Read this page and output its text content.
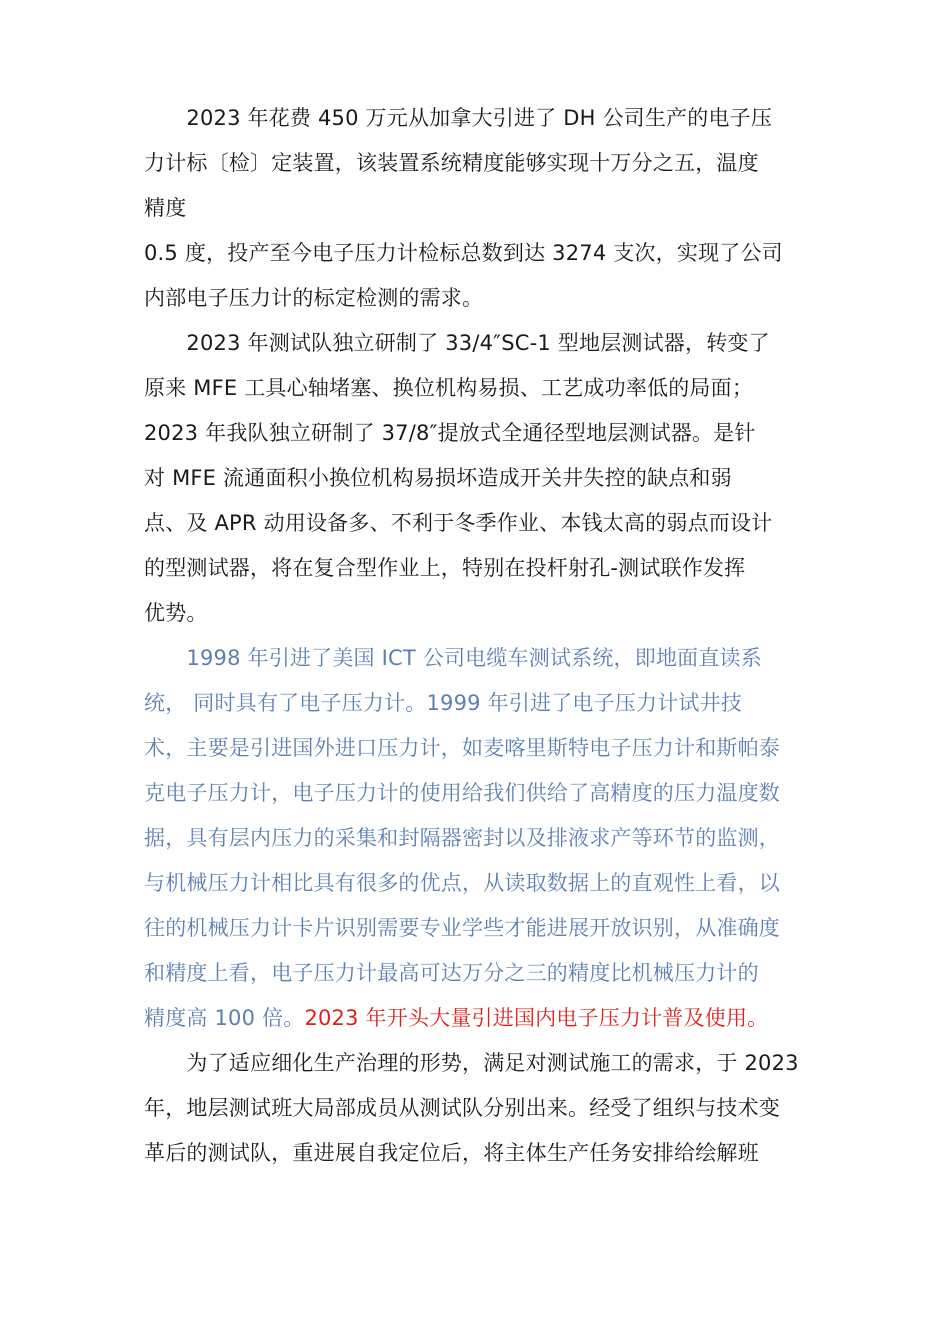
　　2023 年花费 450 万元从加拿大引进了 DH 公司生产的电子压
力计标〔检〕定装置，该装置系统精度能够实现十万分之五，温度
精度
0.5 度，投产至今电子压力计检标总数到达 3274 支次，实现了公司
内部电子压力计的标定检测的需求。
　　2023 年测试队独立研制了 33/4″SC-1 型地层测试器，转变了
原来 MFE 工具心轴堵塞、换位机构易损、工艺成功率低的局面；
2023 年我队独立研制了 37/8″提放式全通径型地层测试器。是针
对 MFE 流通面积小换位机构易损坏造成开关井失控的缺点和弱
点、及 APR 动用设备多、不利于冬季作业、本钱太高的弱点而设计
的型测试器，将在复合型作业上，特别在投杆射孔-测试联作发挥
优势。
　　1998 年引进了美国 ICT 公司电缆车测试系统，即地面直读系
统， 同时具有了电子压力计。1999 年引进了电子压力计试井技
术，主要是引进国外进口压力计，如麦喀里斯特电子压力计和斯帕泰
克电子压力计，电子压力计的使用给我们供给了高精度的压力温度数
据，具有层内压力的采集和封隔器密封以及排液求产等环节的监测，
与机械压力计相比具有很多的优点，从读取数据上的直观性上看，以
往的机械压力计卡片识别需要专业学些才能进展开放识别，从准确度
和精度上看，电子压力计最高可达万分之三的精度比机械压力计的
精度高 100 倍。2023 年开头大量引进国内电子压力计普及使用。
　　为了适应细化生产治理的形势，满足对测试施工的需求，于 2023
年，地层测试班大局部成员从测试队分别出来。经受了组织与技术变
革后的测试队，重进展自我定位后，将主体生产任务安排给绘解班
